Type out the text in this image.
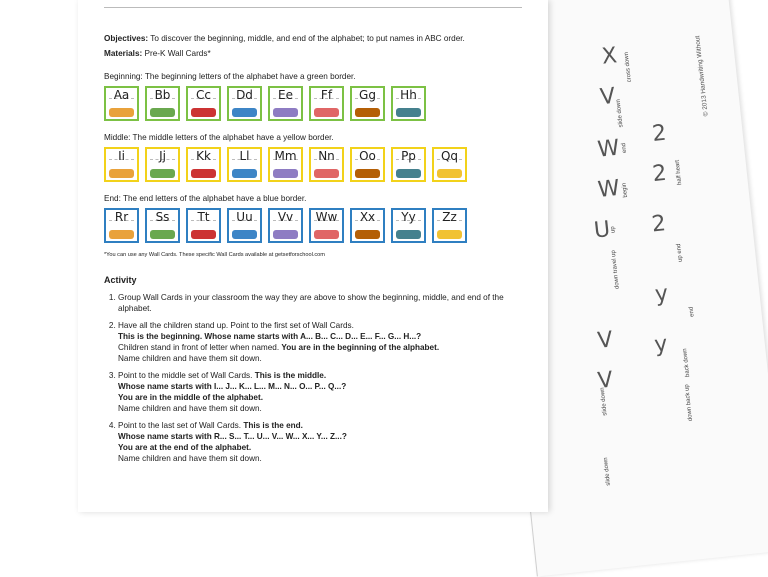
© 2013 Handwriting Without
X
V
W
W
U
2
2
2
y
y
V
V
cross down
slide down
end
begin
up
half heart
down travel up
back down
slide down
up end
down back up
end
slide down
Objectives: To discover the beginning, middle, and end of the alphabet; to put names in ABC order.
Materials: Pre-K Wall Cards*
Beginning: The beginning letters of the alphabet have a green border.
Aa	Bb	Cc	Dd	Ee	Ff	Gg	Hh
Middle: The middle letters of the alphabet have a yellow border.
Ii	Jj	Kk	Ll	Mm	Nn	Oo	Pp	Qq
End: The end letters of the alphabet have a blue border.
Rr	Ss	Tt	Uu	Vv	Ww	Xx	Yy	Zz
*You can use any Wall Cards. These specific Wall Cards available at getsetforschool.com
Activity
1. Group Wall Cards in your classroom the way they are above to show the beginning, middle, and end of the alphabet.
2. Have all the children stand up. Point to the first set of Wall Cards.
This is the beginning. Whose name starts with A... B... C... D... E... F... G... H...?
Children stand in front of letter when named. You are in the beginning of the alphabet.
Name children and have them sit down.
3. Point to the middle set of Wall Cards. This is the middle.
Whose name starts with I... J... K... L... M... N... O... P... Q...?
You are in the middle of the alphabet.
Name children and have them sit down.
4. Point to the last set of Wall Cards. This is the end.
Whose name starts with R... S... T... U... V... W... X... Y... Z...?
You are at the end of the alphabet.
Name children and have them sit down.
